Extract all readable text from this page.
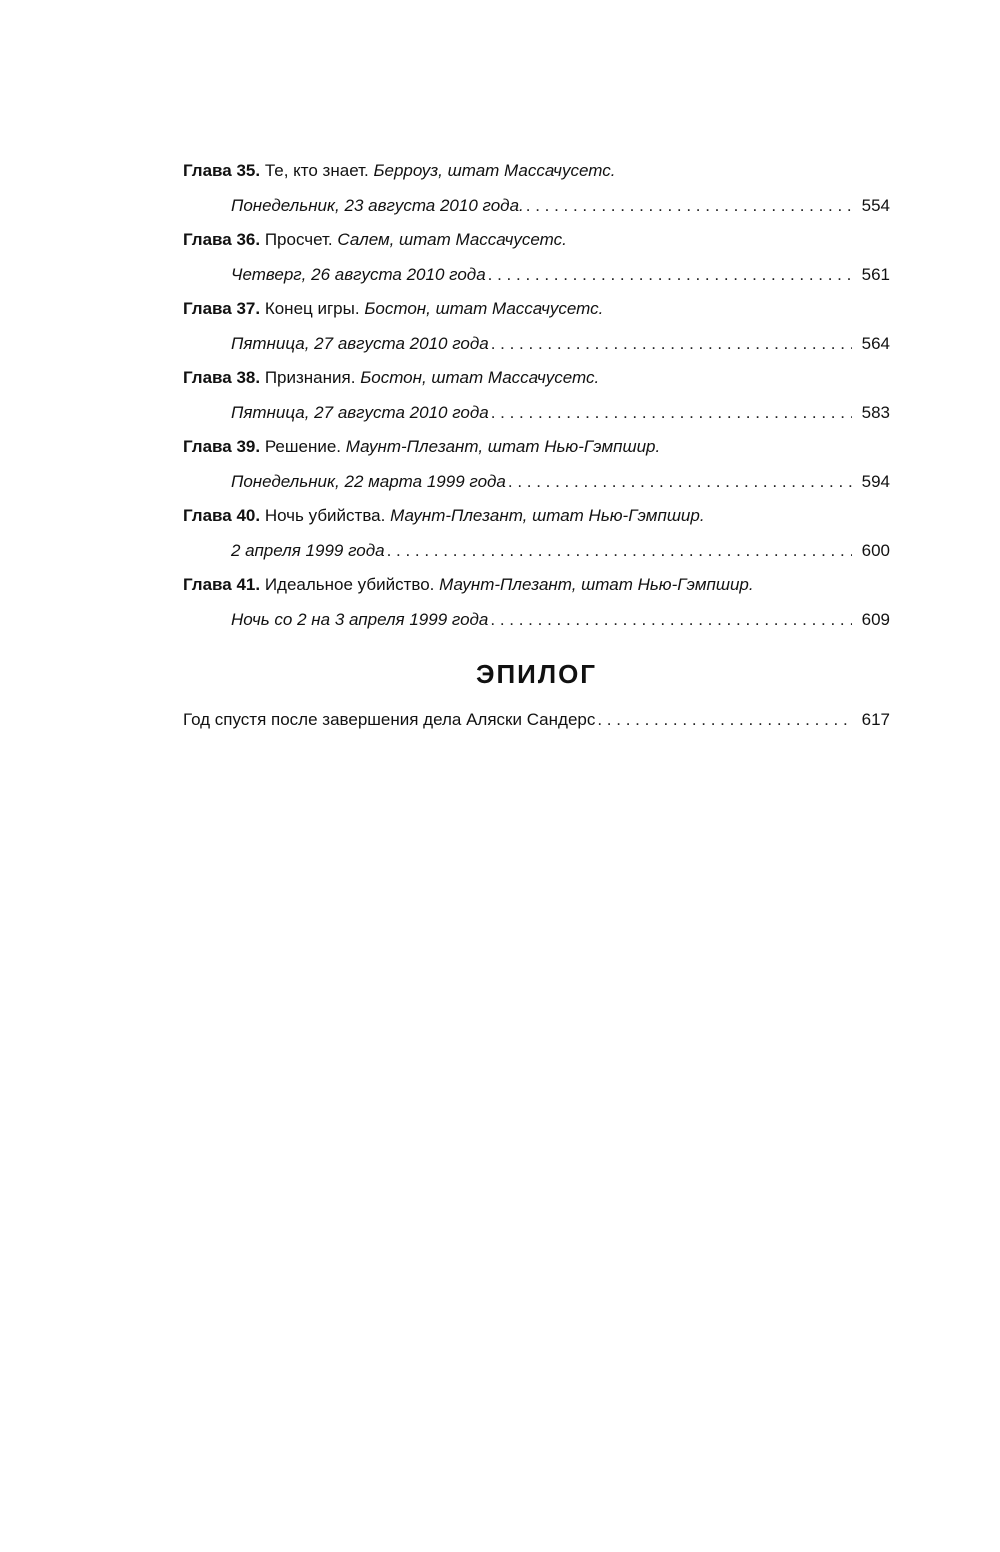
Глава 35.
Те, кто знает.
Берроуз, штат Массачусетс.
Понедельник, 23 августа 2010 года. . . .	554
Глава 36.
Просчет.
Салем, штат Массачусетс.
Четверг, 26 августа 2010 года . . .	561
Глава 37.
Конец игры.
Бостон, штат Массачусетс.
Пятница, 27 августа 2010 года . . .	564
Глава 38.
Признания.
Бостон, штат Массачусетс.
Пятница, 27 августа 2010 года . . .	583
Глава 39.
Решение.
Маунт-Плезант, штат Нью-Гэмпшир.
Понедельник, 22 марта 1999 года . . .	594
Глава 40.
Ночь убийства.
Маунт-Плезант, штат Нью-Гэмпшир.
2 апреля 1999 года . . .	600
Глава 41.
Идеальное убийство.
Маунт-Плезант, штат Нью-Гэмпшир.
Ночь со 2 на 3 апреля 1999 года . . .	609
ЭПИЛОГ
Год спустя после завершения дела Аляски Сандерс . . .	617
